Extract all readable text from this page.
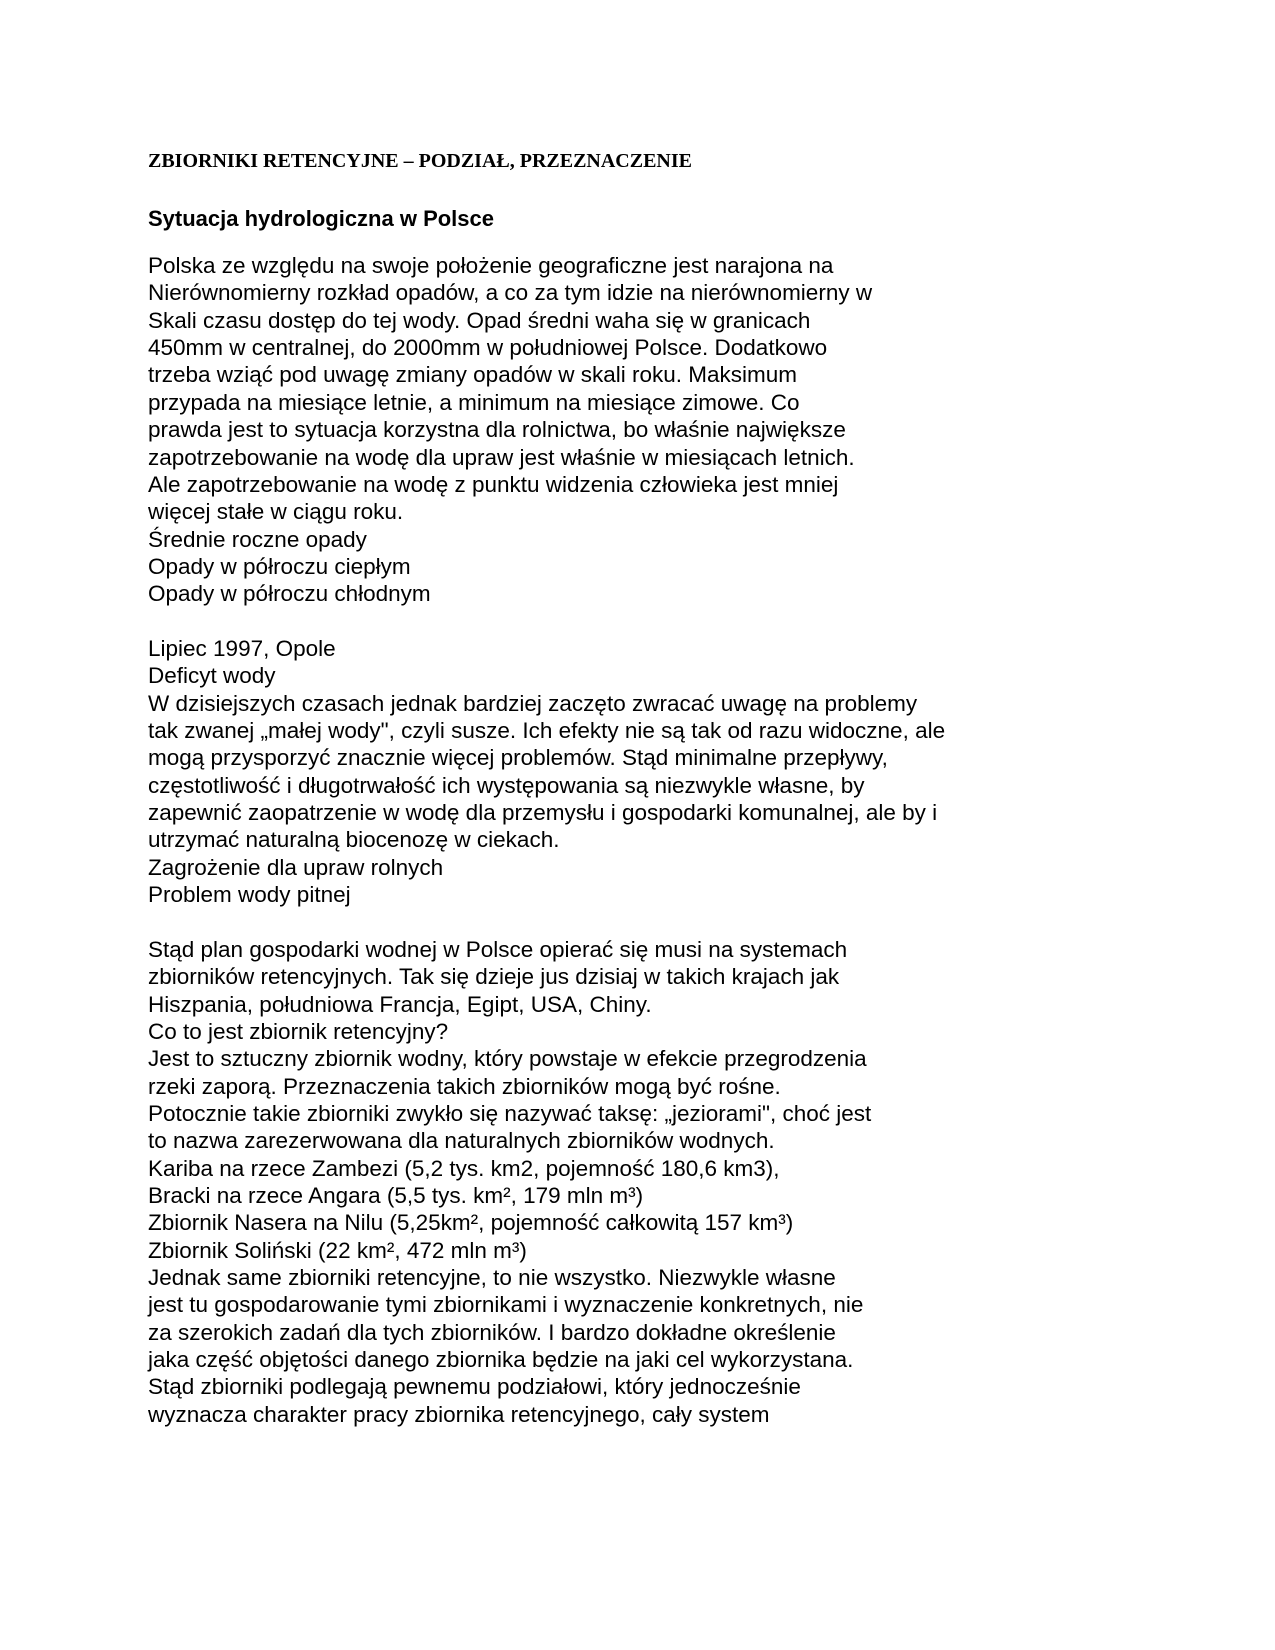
ZBIORNIKI RETENCYJNE – PODZIAŁ, PRZEZNACZENIE
Sytuacja hydrologiczna w Polsce

Polska ze względu na swoje położenie geograficzne jest narajona na

Nierównomierny rozkład opadów, a co za tym idzie na nierównomierny w

Skali czasu dostęp do tej wody. Opad średni waha się w granicach

450mm w centralnej, do 2000mm w południowej Polsce. Dodatkowo

trzeba wziąć pod uwagę zmiany opadów w skali roku. Maksimum

przypada na miesiące letnie, a minimum na miesiące zimowe. Co

prawda jest to sytuacja korzystna dla rolnictwa, bo właśnie największe

zapotrzebowanie na wodę dla upraw jest właśnie w miesiącach letnich.

Ale zapotrzebowanie na wodę z punktu widzenia człowieka jest mniej

więcej stałe w ciągu roku.

Średnie roczne opady

Opady w półroczu ciepłym

Opady w półroczu chłodnym

Lipiec 1997, Opole

Deficyt wody

W dzisiejszych czasach jednak bardziej zaczęto zwracać uwagę na problemy

tak zwanej „małej wody", czyli susze. Ich efekty nie są tak od razu widoczne, ale

mogą przysporzyć znacznie więcej problemów. Stąd minimalne przepływy,

częstotliwość i długotrwałość ich występowania są niezwykle własne, by

zapewnić zaopatrzenie w wodę dla przemysłu i gospodarki komunalnej, ale by i

utrzymać naturalną biocenozę w ciekach.

Zagrożenie dla upraw rolnych

Problem wody pitnej

Stąd plan gospodarki wodnej w Polsce opierać się musi na systemach

zbiorników retencyjnych. Tak się dzieje jus dzisiaj w takich krajach jak

Hiszpania, południowa Francja, Egipt, USA, Chiny.

Co to jest zbiornik retencyjny?

Jest to sztuczny zbiornik wodny, który powstaje w efekcie przegrodzenia

rzeki zaporą. Przeznaczenia takich zbiorników mogą być rośne.

Potocznie takie zbiorniki zwykło się nazywać taksę: „jeziorami", choć jest

to nazwa zarezerwowana dla naturalnych zbiorników wodnych.

Kariba na rzece Zambezi (5,2 tys. km2, pojemność 180,6 km3),

Bracki na rzece Angara (5,5 tys. km², 179 mln m³)

Zbiornik Nasera na Nilu (5,25km², pojemność całkowitą 157 km³)

Zbiornik Soliński (22 km², 472 mln m³)

Jednak same zbiorniki retencyjne, to nie wszystko. Niezwykle własne

jest tu gospodarowanie tymi zbiornikami i wyznaczenie konkretnych, nie

za szerokich zadań dla tych zbiorników. I bardzo dokładne określenie

jaka część objętości danego zbiornika będzie na jaki cel wykorzystana.

Stąd zbiorniki podlegają pewnemu podziałowi, który jednocześnie

wyznacza charakter pracy zbiornika retencyjnego, cały system
